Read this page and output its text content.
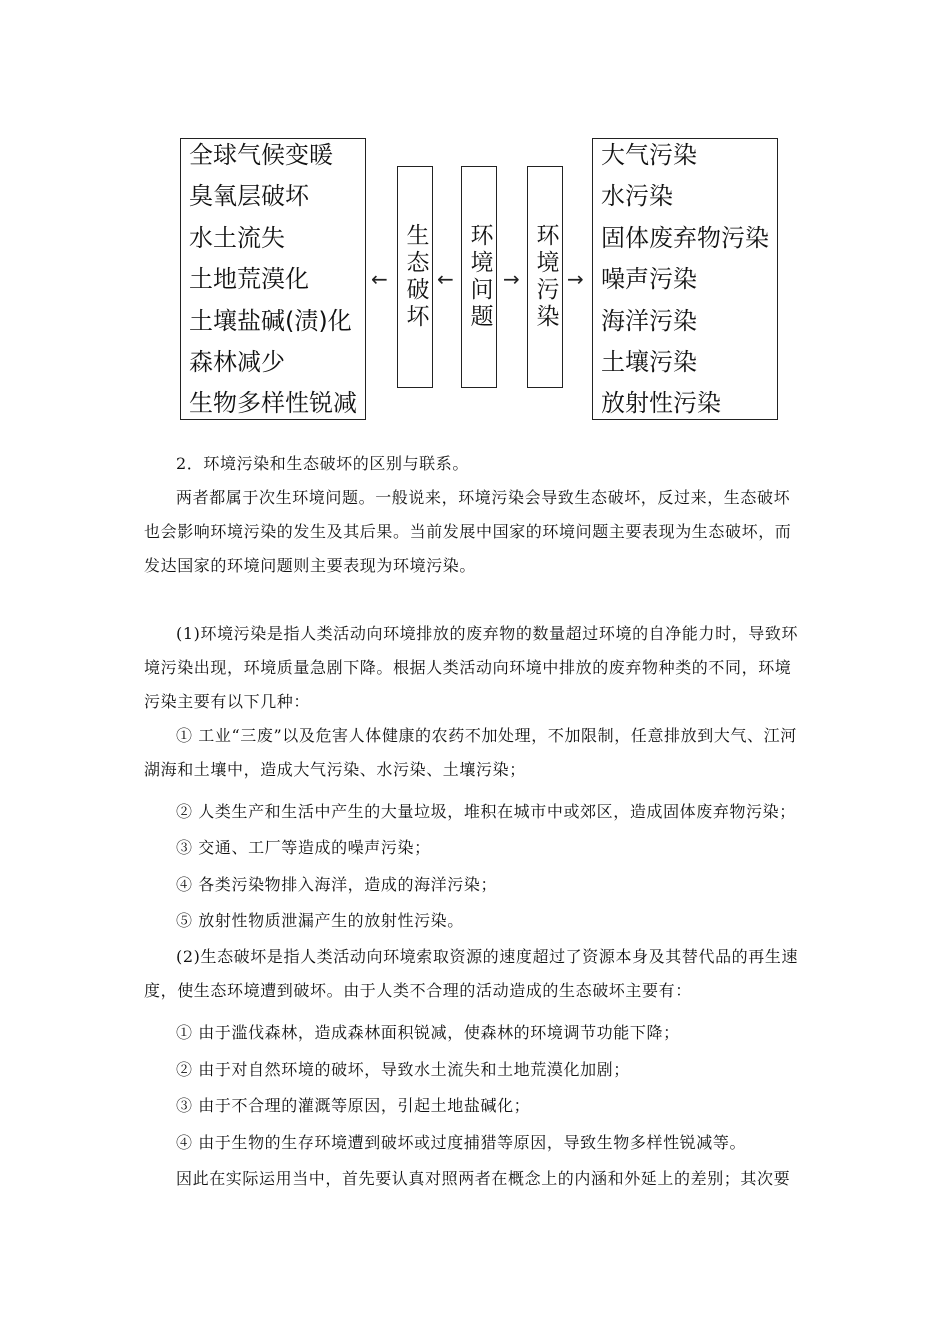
全球气候变暖
臭氧层破坏
水土流失
土地荒漠化
土壤盐碱(渍)化
森林减少
生物多样性锐减
← 生态破坏 ← 环境问题 → 环境污染 →
大气污染
水污染
固体废弃物污染
噪声污染
海洋污染
土壤污染
放射性污染
2．环境污染和生态破坏的区别与联系。
两者都属于次生环境问题。一般说来，环境污染会导致生态破坏，反过来，生态破坏也会影响环境污染的发生及其后果。当前发展中国家的环境问题主要表现为生态破坏，而发达国家的环境问题则主要表现为环境污染。
(1)环境污染是指人类活动向环境排放的废弃物的数量超过环境的自净能力时，导致环境污染出现，环境质量急剧下降。根据人类活动向环境中排放的废弃物种类的不同，环境污染主要有以下几种：
① 工业“三废”以及危害人体健康的农药不加处理，不加限制，任意排放到大气、江河湖海和土壤中，造成大气污染、水污染、土壤污染；
② 人类生产和生活中产生的大量垃圾，堆积在城市中或郊区，造成固体废弃物污染；
③ 交通、工厂等造成的噪声污染；
④ 各类污染物排入海洋，造成的海洋污染；
⑤ 放射性物质泄漏产生的放射性污染。
(2)生态破坏是指人类活动向环境索取资源的速度超过了资源本身及其替代品的再生速度，使生态环境遭到破坏。由于人类不合理的活动造成的生态破坏主要有：
① 由于滥伐森林，造成森林面积锐减，使森林的环境调节功能下降；
② 由于对自然环境的破坏，导致水土流失和土地荒漠化加剧；
③ 由于不合理的灌溉等原因，引起土地盐碱化；
④ 由于生物的生存环境遭到破坏或过度捕猎等原因，导致生物多样性锐减等。
因此在实际运用当中，首先要认真对照两者在概念上的内涵和外延上的差别；其次要
